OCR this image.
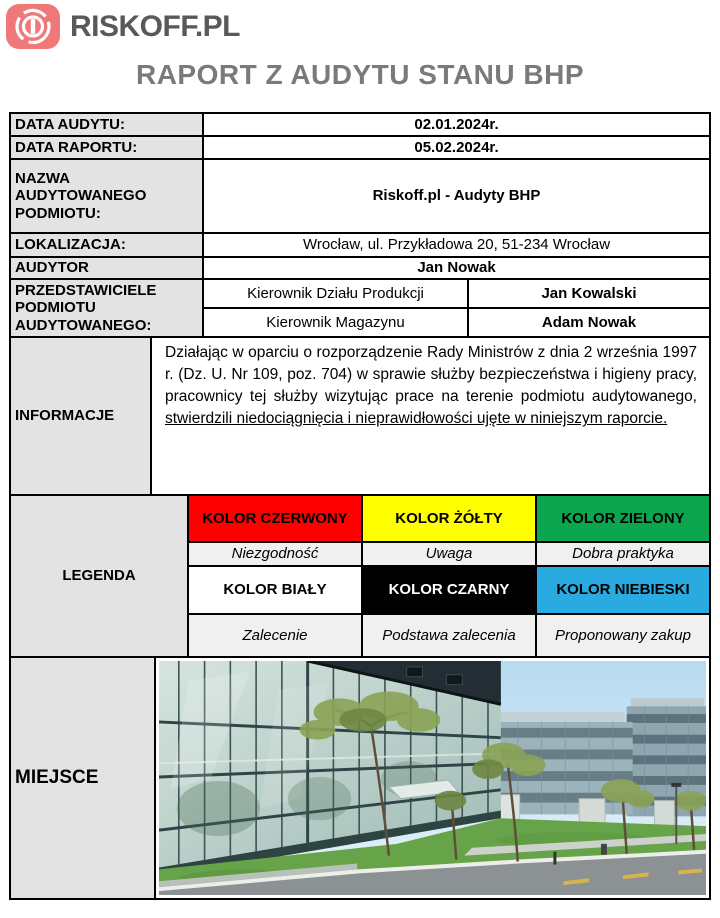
RISKOFF.PL
RAPORT Z AUDYTU STANU BHP
DATA AUDYTU:	02.01.2024r.
DATA RAPORTU:	05.02.2024r.
NAZWA AUDYTOWANEGO PODMIOTU:
Riskoff.pl - Audyty BHP
LOKALIZACJA:	Wrocław, ul. Przykładowa 20, 51-234 Wrocław
AUDYTOR	Jan Nowak
PRZEDSTAWICIELE PODMIOTU AUDYTOWANEGO:
Kierownik Działu Produkcji	Jan Kowalski
Kierownik Magazynu	Adam Nowak
INFORMACJE

Działając w oparciu o rozporządzenie Rady Ministrów z dnia 2 września 1997 r. (Dz. U. Nr 109, poz. 704) w sprawie służby bezpieczeństwa i higieny pracy, pracownicy tej służby wizytując prace na terenie podmiotu audytowanego, stwierdzili niedociągnięcia i nieprawidłowości ujęte w niniejszym raporcie.

LEGENDA
KOLOR CZERWONY	KOLOR ŻÓŁTY	KOLOR ZIELONY
Niezgodność	Uwaga	Dobra praktyka
KOLOR BIAŁY	KOLOR CZARNY	KOLOR NIEBIESKI
Zalecenie	Podstawa zalecenia	Proponowany zakup
MIEJSCE
